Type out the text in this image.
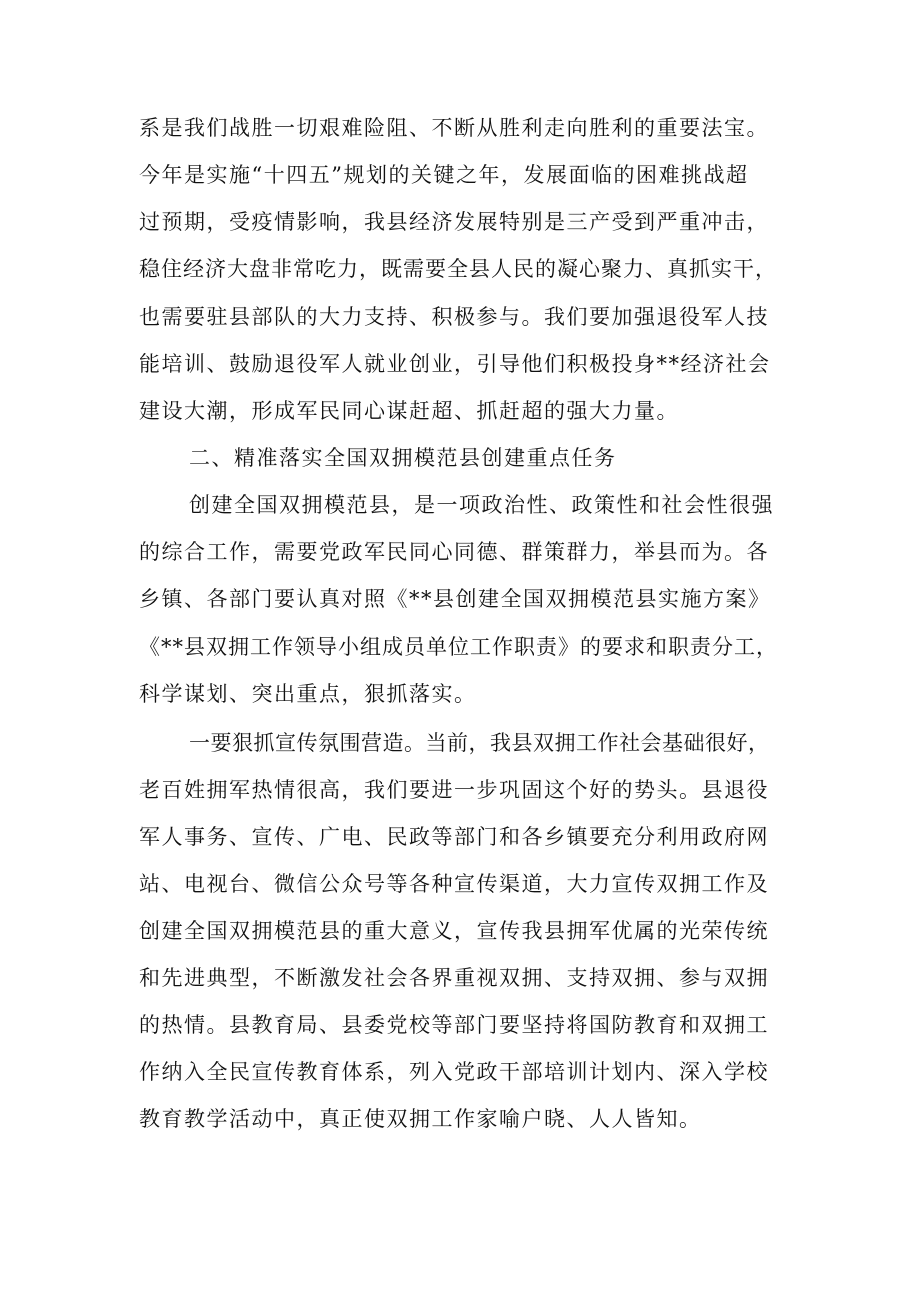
系是我们战胜一切艰难险阻、不断从胜利走向胜利的重要法宝。

今年是实施“十四五”规划的关键之年，发展面临的困难挑战超

过预期，受疫情影响，我县经济发展特别是三产受到严重冲击，

稳住经济大盘非常吃力，既需要全县人民的凝心聚力、真抓实干，

也需要驻县部队的大力支持、积极参与。我们要加强退役军人技

能培训、鼓励退役军人就业创业，引导他们积极投身**经济社会

建设大潮，形成军民同心谋赶超、抓赶超的强大力量。

二、精准落实全国双拥模范县创建重点任务

创建全国双拥模范县，是一项政治性、政策性和社会性很强

的综合工作，需要党政军民同心同德、群策群力，举县而为。各

乡镇、各部门要认真对照《**县创建全国双拥模范县实施方案》

《**县双拥工作领导小组成员单位工作职责》的要求和职责分工，

科学谋划、突出重点，狠抓落实。

一要狠抓宣传氛围营造。当前，我县双拥工作社会基础很好，

老百姓拥军热情很高，我们要进一步巩固这个好的势头。县退役

军人事务、宣传、广电、民政等部门和各乡镇要充分利用政府网

站、电视台、微信公众号等各种宣传渠道，大力宣传双拥工作及

创建全国双拥模范县的重大意义，宣传我县拥军优属的光荣传统

和先进典型，不断激发社会各界重视双拥、支持双拥、参与双拥

的热情。县教育局、县委党校等部门要坚持将国防教育和双拥工

作纳入全民宣传教育体系，列入党政干部培训计划内、深入学校

教育教学活动中，真正使双拥工作家喻户晓、人人皆知。
